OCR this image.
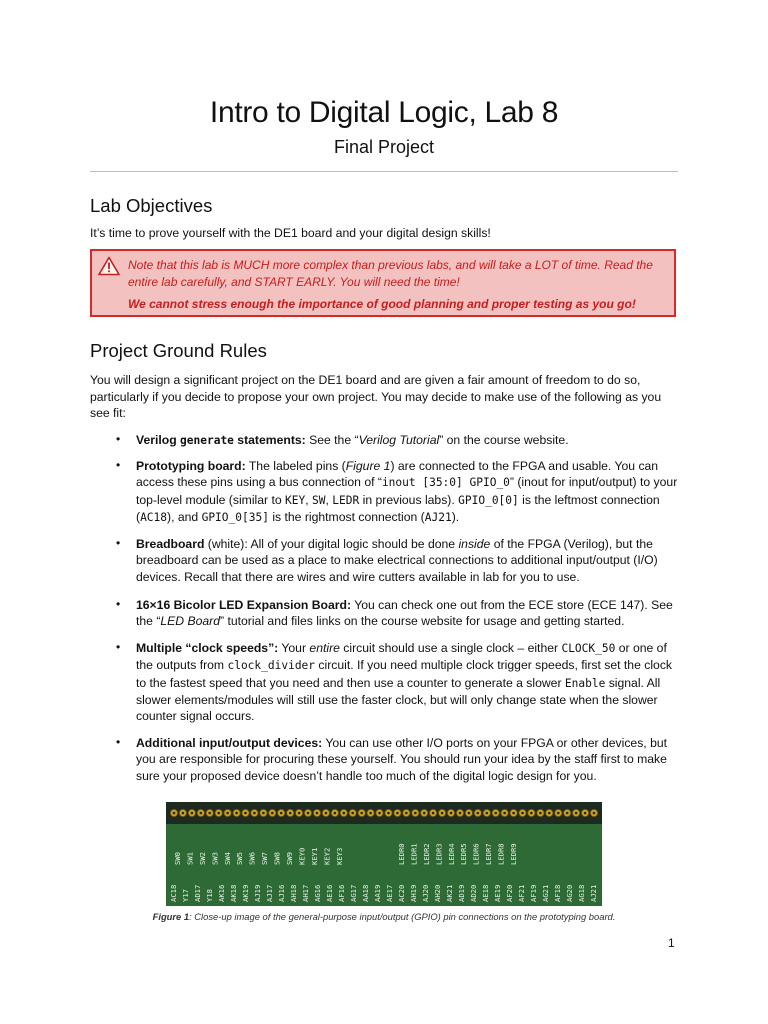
Intro to Digital Logic, Lab 8
Final Project
Lab Objectives
It’s time to prove yourself with the DE1 board and your digital design skills!
Note that this lab is MUCH more complex than previous labs, and will take a LOT of time. Read the entire lab carefully, and START EARLY. You will need the time!
We cannot stress enough the importance of good planning and proper testing as you go!
Project Ground Rules
You will design a significant project on the DE1 board and are given a fair amount of freedom to do so, particularly if you decide to propose your own project. You may decide to make use of the following as you see fit:
•	Verilog generate statements: See the “Verilog Tutorial” on the course website.
•	Prototyping board: The labeled pins (Figure 1) are connected to the FPGA and usable. You can access these pins using a bus connection of “inout [35:0] GPIO_0” (inout for input/output) to your top-level module (similar to KEY, SW, LEDR in previous labs). GPIO_0[0] is the leftmost connection (AC18), and GPIO_0[35] is the rightmost connection (AJ21).
•	Breadboard (white): All of your digital logic should be done inside of the FPGA (Verilog), but the breadboard can be used as a place to make electrical connections to additional input/output (I/O) devices. Recall that there are wires and wire cutters available in lab for you to use.
•	16×16 Bicolor LED Expansion Board: You can check one out from the ECE store (ECE 147). See the “LED Board” tutorial and files links on the course website for usage and getting started.
•	Multiple “clock speeds”: Your entire circuit should use a single clock – either CLOCK_50 or one of the outputs from clock_divider circuit. If you need multiple clock trigger speeds, first set the clock to the fastest speed that you need and then use a counter to generate a slower Enable signal. All slower elements/modules will still use the faster clock, but will only change state when the slower counter signal occurs.
•	Additional input/output devices: You can use other I/O ports on your FPGA or other devices, but you are responsible for procuring these yourself. You should run your idea by the staff first to make sure your proposed device doesn’t handle too much of the digital logic design for you.
SW0 SW1 SW2 SW3 SW4 SW5 SW6 SW7 SW8 SW9 KEY0 KEY1 KEY2 KEY3	LEDR0 LEDR1 LEDR2 LEDR3 LEDR4 LEDR5 LEDR6 LEDR7 LEDR8 LEDR9
AC18 Y17 AD17 Y18 AK16 AK18 AK19 AJ19 AJ17 AJ16 AH18 AH17 AG16 AE16 AF16 AG17 AA18 AA19 AE17 AC20 AH19 AJ20 AH20 AK21 AD19 AD20 AE18 AE19 AF20 AF21 AF19 AG21 AF18 AG20 AG18 AJ21
Figure 1: Close-up image of the general-purpose input/output (GPIO) pin connections on the prototyping board.
1
